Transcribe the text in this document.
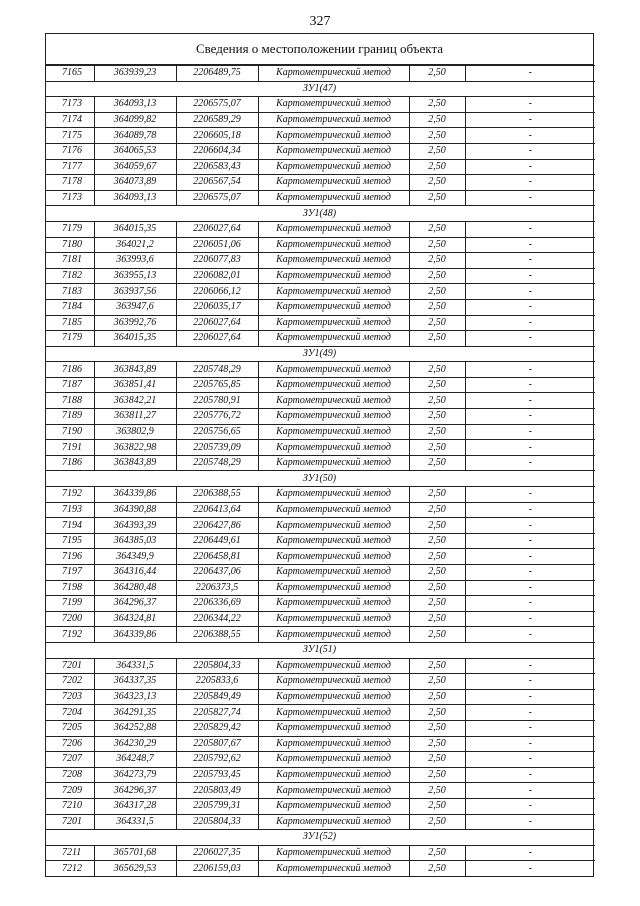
327
Сведения о местоположении границ объекта
7165	363939,23	2206489,75	Картометрический метод	2,50	-
ЗУ1(47)					
7173	364093,13	2206575,07	Картометрический метод	2,50	-
7174	364099,82	2206589,29	Картометрический метод	2,50	-
7175	364089,78	2206605,18	Картометрический метод	2,50	-
7176	364065,53	2206604,34	Картометрический метод	2,50	-
7177	364059,67	2206583,43	Картометрический метод	2,50	-
7178	364073,89	2206567,54	Картометрический метод	2,50	-
7173	364093,13	2206575,07	Картометрический метод	2,50	-
ЗУ1(48)					
7179	364015,35	2206027,64	Картометрический метод	2,50	-
7180	364021,2	2206051,06	Картометрический метод	2,50	-
7181	363993,6	2206077,83	Картометрический метод	2,50	-
7182	363955,13	2206082,01	Картометрический метод	2,50	-
7183	363937,56	2206066,12	Картометрический метод	2,50	-
7184	363947,6	2206035,17	Картометрический метод	2,50	-
7185	363992,76	2206027,64	Картометрический метод	2,50	-
7179	364015,35	2206027,64	Картометрический метод	2,50	-
ЗУ1(49)					
7186	363843,89	2205748,29	Картометрический метод	2,50	-
7187	363851,41	2205765,85	Картометрический метод	2,50	-
7188	363842,21	2205780,91	Картометрический метод	2,50	-
7189	363811,27	2205776,72	Картометрический метод	2,50	-
7190	363802,9	2205756,65	Картометрический метод	2,50	-
7191	363822,98	2205739,09	Картометрический метод	2,50	-
7186	363843,89	2205748,29	Картометрический метод	2,50	-
ЗУ1(50)					
7192	364339,86	2206388,55	Картометрический метод	2,50	-
7193	364390,88	2206413,64	Картометрический метод	2,50	-
7194	364393,39	2206427,86	Картометрический метод	2,50	-
7195	364385,03	2206449,61	Картометрический метод	2,50	-
7196	364349,9	2206458,81	Картометрический метод	2,50	-
7197	364316,44	2206437,06	Картометрический метод	2,50	-
7198	364280,48	2206373,5	Картометрический метод	2,50	-
7199	364296,37	2206336,69	Картометрический метод	2,50	-
7200	364324,81	2206344,22	Картометрический метод	2,50	-
7192	364339,86	2206388,55	Картометрический метод	2,50	-
ЗУ1(51)					
7201	364331,5	2205804,33	Картометрический метод	2,50	-
7202	364337,35	2205833,6	Картометрический метод	2,50	-
7203	364323,13	2205849,49	Картометрический метод	2,50	-
7204	364291,35	2205827,74	Картометрический метод	2,50	-
7205	364252,88	2205829,42	Картометрический метод	2,50	-
7206	364230,29	2205807,67	Картометрический метод	2,50	-
7207	364248,7	2205792,62	Картометрический метод	2,50	-
7208	364273,79	2205793,45	Картометрический метод	2,50	-
7209	364296,37	2205803,49	Картометрический метод	2,50	-
7210	364317,28	2205799,31	Картометрический метод	2,50	-
7201	364331,5	2205804,33	Картометрический метод	2,50	-
ЗУ1(52)					
7211	365701,68	2206027,35	Картометрический метод	2,50	-
7212	365629,53	2206159,03	Картометрический метод	2,50	-
